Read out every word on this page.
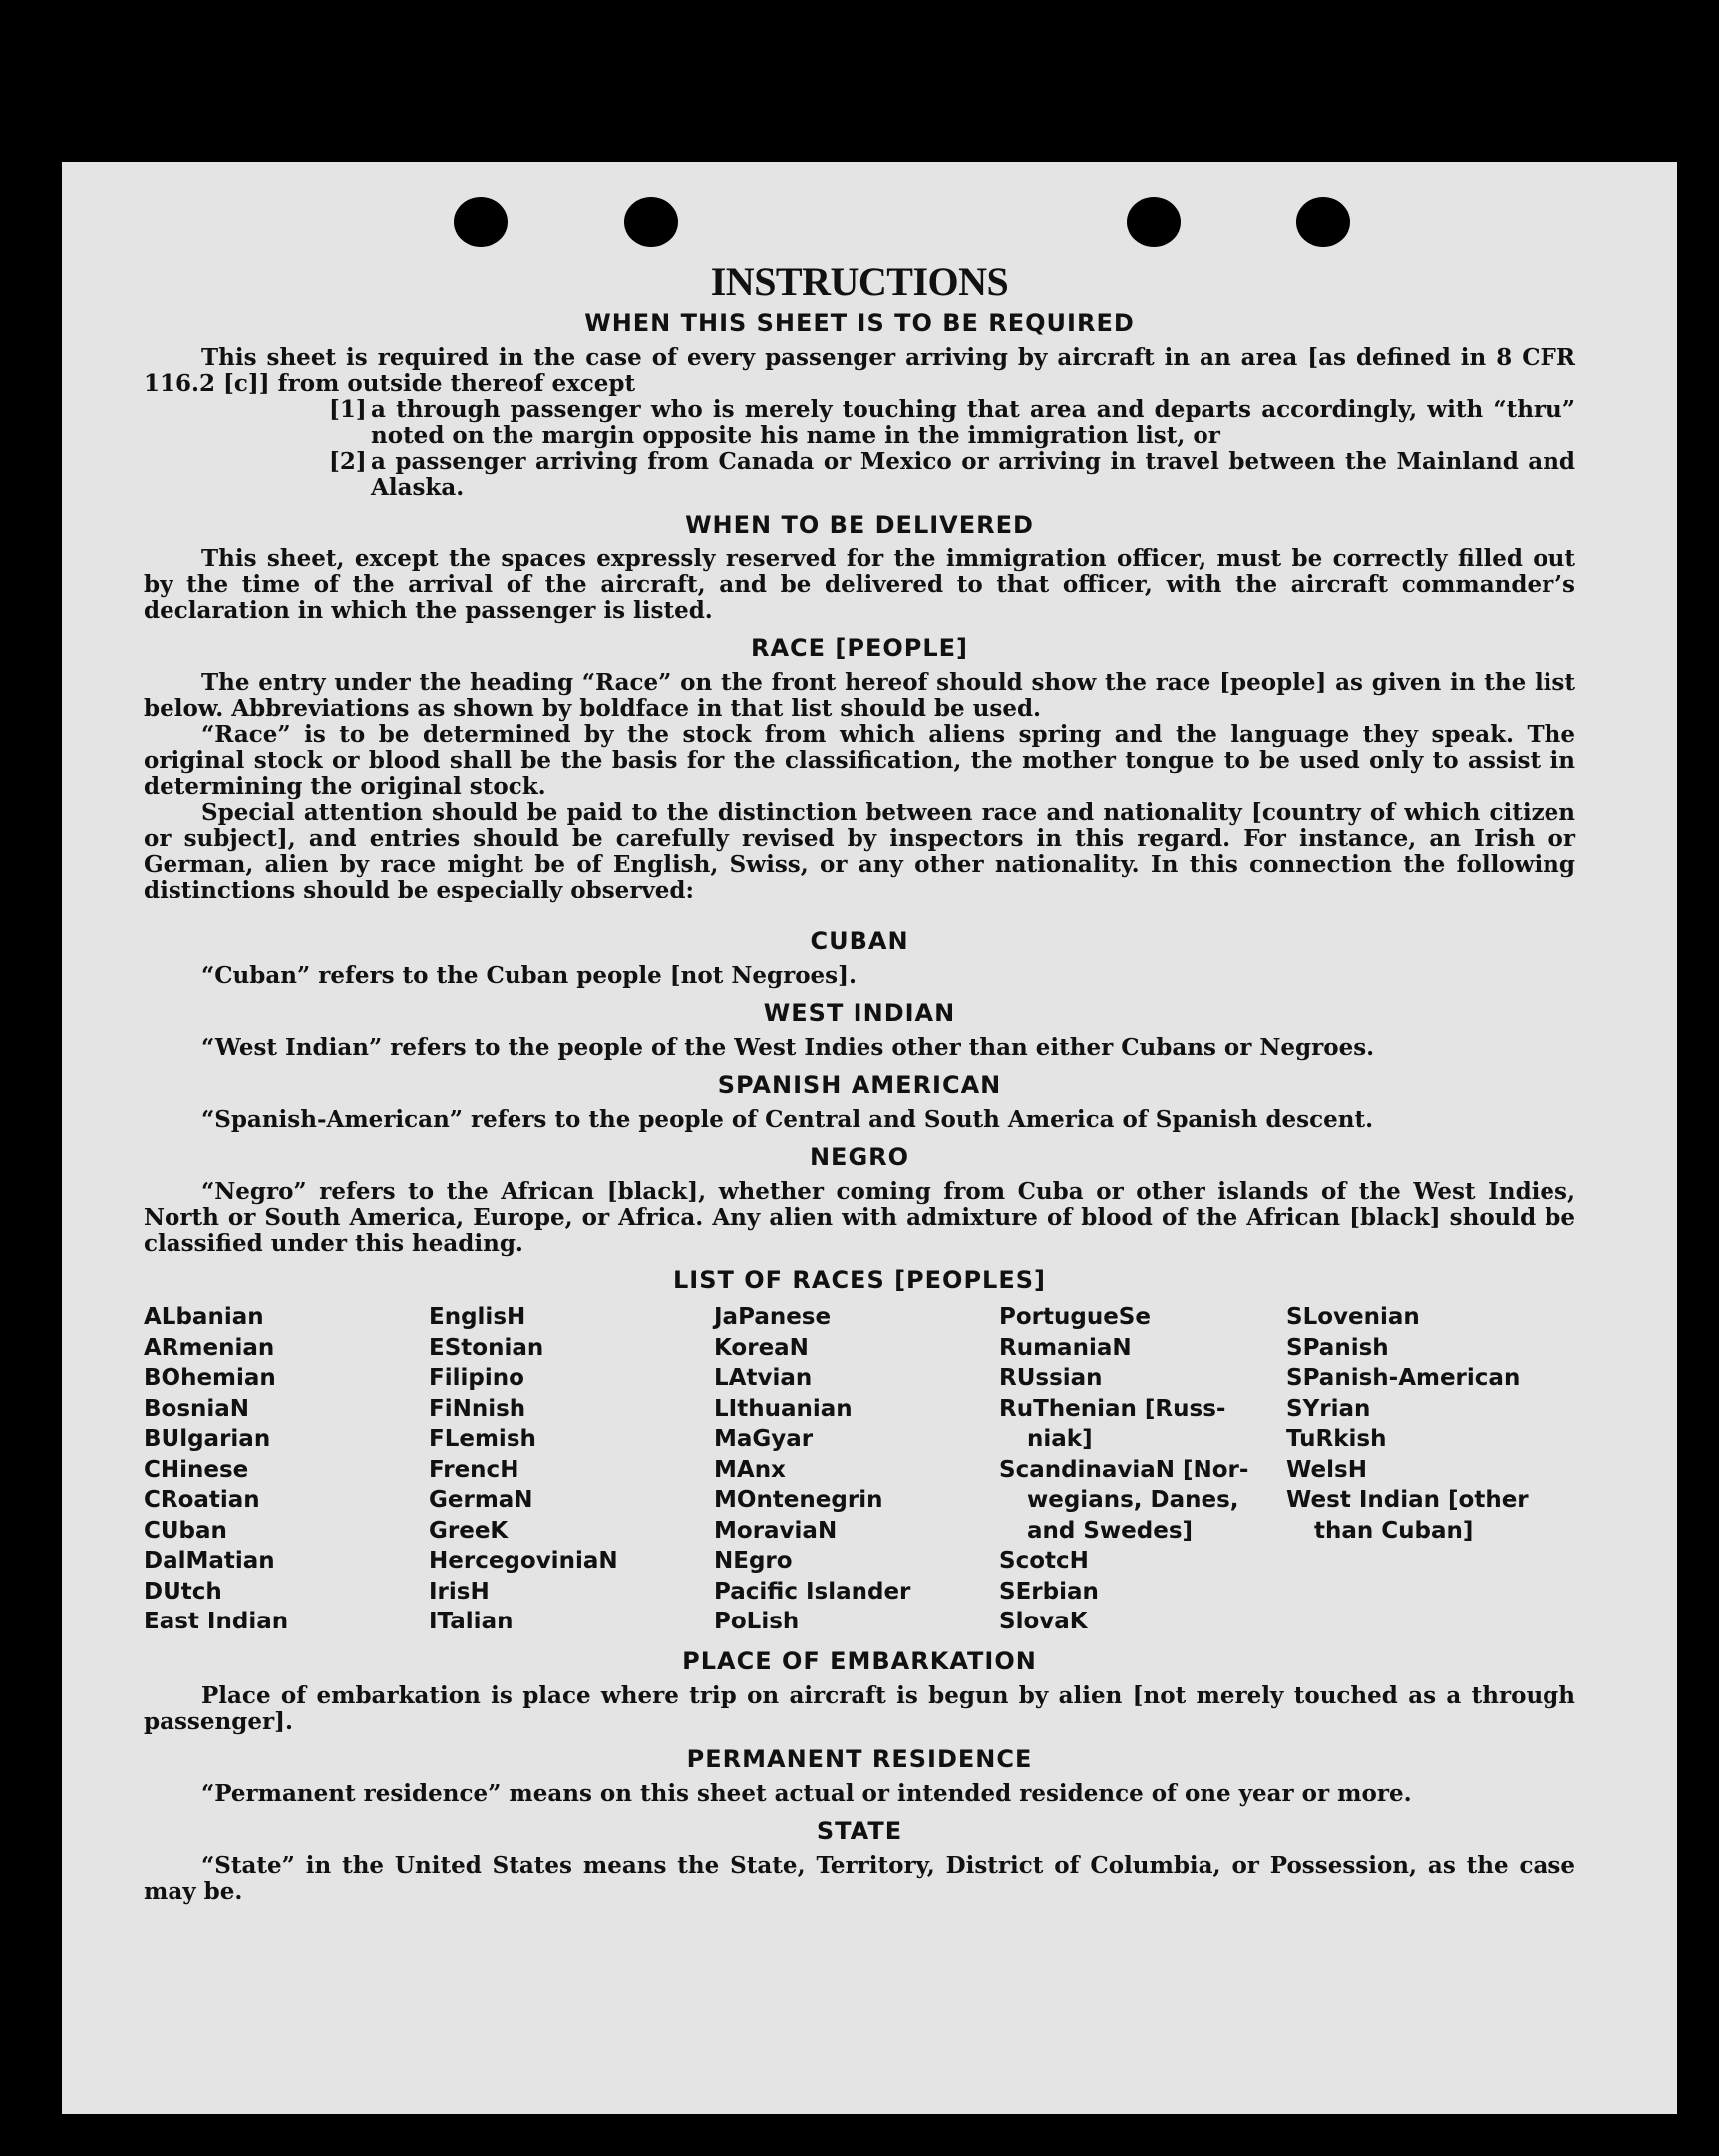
INSTRUCTIONS
WHEN THIS SHEET IS TO BE REQUIRED

This sheet is required in the case of every passenger arriving by aircraft in an area [as defined in 8 CFR 116.2 [c]] from outside thereof except

[1] a through passenger who is merely touching that area and departs accordingly, with “thru” noted on the margin opposite his name in the immigration list, or
[2] a passenger arriving from Canada or Mexico or arriving in travel between the Mainland and Alaska.
WHEN TO BE DELIVERED

This sheet, except the spaces expressly reserved for the immigration officer, must be correctly filled out by the time of the arrival of the aircraft, and be delivered to that officer, with the aircraft commander’s declaration in which the passenger is listed.

RACE [PEOPLE]

The entry under the heading “Race” on the front hereof should show the race [people] as given in the list below. Abbreviations as shown by boldface in that list should be used.

“Race” is to be determined by the stock from which aliens spring and the language they speak. The original stock or blood shall be the basis for the classification, the mother tongue to be used only to assist in determining the original stock.

Special attention should be paid to the distinction between race and nationality [country of which citizen or subject], and entries should be carefully revised by inspectors in this regard. For instance, an Irish or German, alien by race might be of English, Swiss, or any other nationality. In this connection the following distinctions should be especially observed:

CUBAN

“Cuban” refers to the Cuban people [not Negroes].

WEST INDIAN

“West Indian” refers to the people of the West Indies other than either Cubans or Negroes.

SPANISH AMERICAN

“Spanish-American” refers to the people of Central and South America of Spanish descent.

NEGRO

“Negro” refers to the African [black], whether coming from Cuba or other islands of the West Indies, North or South America, Europe, or Africa. Any alien with admixture of blood of the African [black] should be classified under this heading.

LIST OF RACES [PEOPLES]
ALbanian
ARmenian
BOhemian
BosniaN
BUlgarian
CHinese
CRoatian
CUban
DalMatian
DUtch
East Indian
EnglisH
EStonian
Filipino
FiNnish
FLemish
FrencH
GermaN
GreeK
HercegoviniaN
IrisH
ITalian
JaPanese
KoreaN
LAtvian
LIthuanian
MaGyar
MAnx
MOntenegrin
MoraviaN
NEgro
Pacific Islander
PoLish
PortugueSe
RumaniaN
RUssian
RuThenian [Russ-
niak]
ScandinaviaN [Nor-
wegians, Danes,
and Swedes]
ScotcH
SErbian
SlovaK
SLovenian
SPanish
SPanish-American
SYrian
TuRkish
WelsH
West Indian [other
than Cuban]
PLACE OF EMBARKATION

Place of embarkation is place where trip on aircraft is begun by alien [not merely touched as a through passenger].

PERMANENT RESIDENCE

“Permanent residence” means on this sheet actual or intended residence of one year or more.

STATE

“State” in the United States means the State, Territory, District of Columbia, or Possession, as the case may be.
